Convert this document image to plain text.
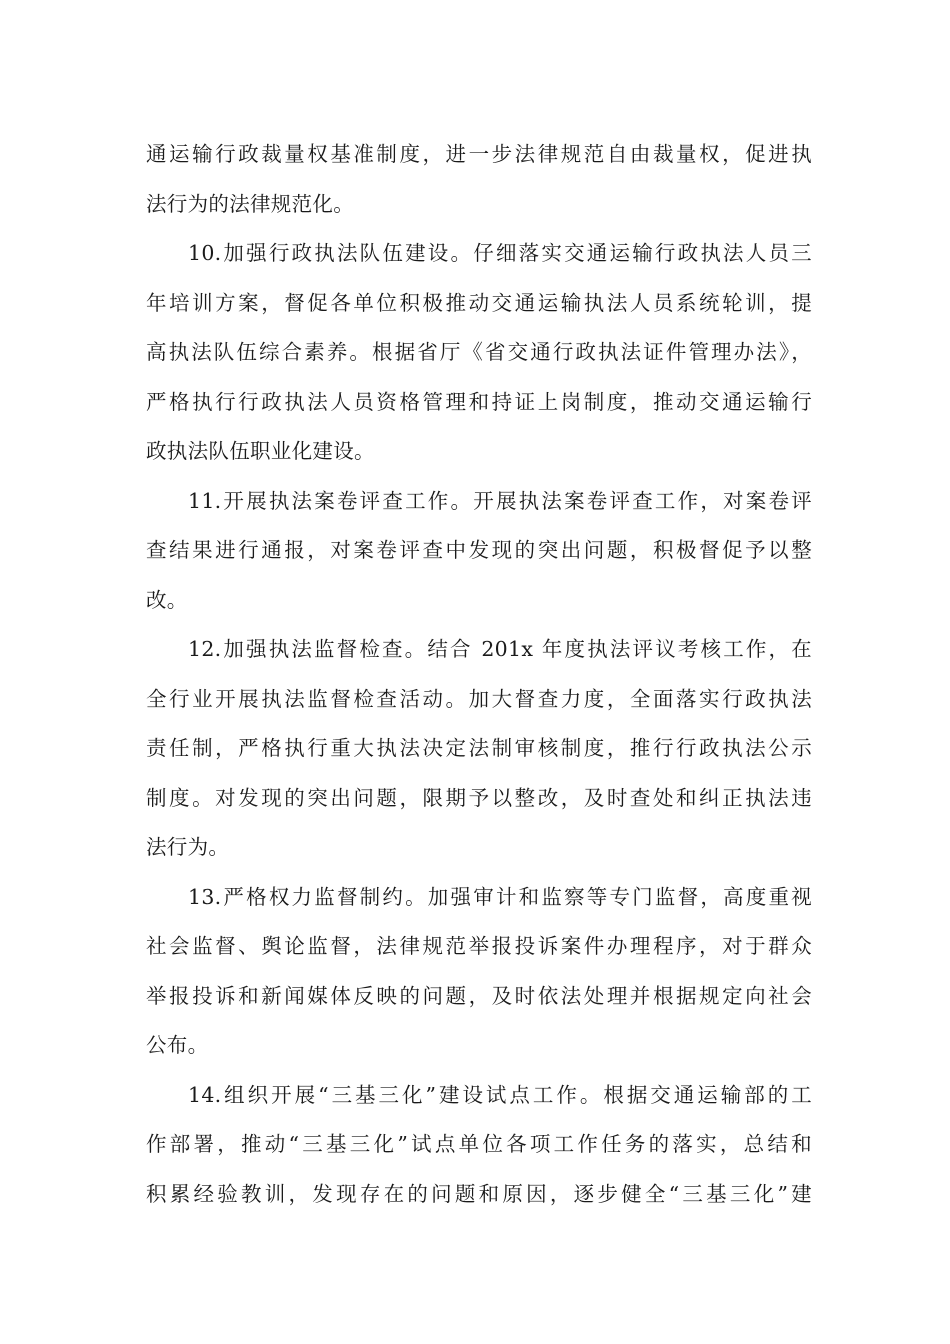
通运输行政裁量权基准制度，进一步法律规范自由裁量权，促进执
法行为的法律规范化。
10.加强行政执法队伍建设。仔细落实交通运输行政执法人员三
年培训方案，督促各单位积极推动交通运输执法人员系统轮训，提
高执法队伍综合素养。根据省厅《省交通行政执法证件管理办法》，
严格执行行政执法人员资格管理和持证上岗制度，推动交通运输行
政执法队伍职业化建设。
11.开展执法案卷评查工作。开展执法案卷评查工作，对案卷评
查结果进行通报，对案卷评查中发现的突出问题，积极督促予以整
改。
12.加强执法监督检查。结合 201x 年度执法评议考核工作，在
全行业开展执法监督检查活动。加大督查力度，全面落实行政执法
责任制，严格执行重大执法决定法制审核制度，推行行政执法公示
制度。对发现的突出问题，限期予以整改，及时查处和纠正执法违
法行为。
13.严格权力监督制约。加强审计和监察等专门监督，高度重视
社会监督、舆论监督，法律规范举报投诉案件办理程序，对于群众
举报投诉和新闻媒体反映的问题，及时依法处理并根据规定向社会
公布。
14.组织开展“三基三化”建设试点工作。根据交通运输部的工
作部署，推动“三基三化”试点单位各项工作任务的落实，总结和
积累经验教训，发现存在的问题和原因，逐步健全“三基三化”建
